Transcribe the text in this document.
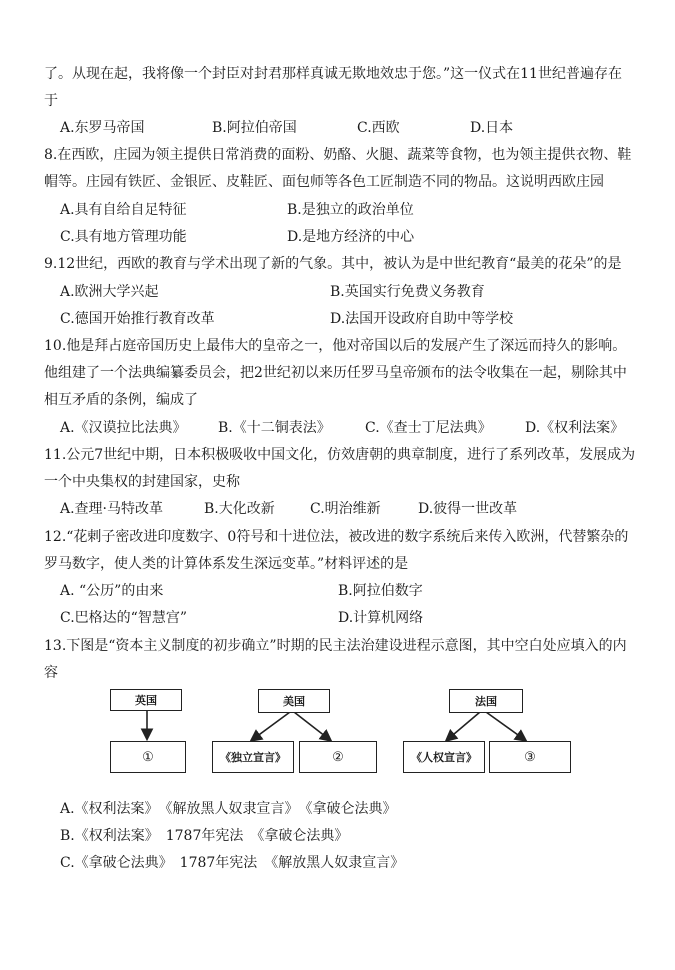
了。从现在起，我将像一个封臣对封君那样真诚无欺地效忠于您。”这一仪式在11世纪普遍存在
于
A.东罗马帝国	B.阿拉伯帝国	C.西欧	D.日本
8.在西欧，庄园为领主提供日常消费的面粉、奶酪、火腿、蔬菜等食物，也为领主提供衣物、鞋
帽等。庄园有铁匠、金银匠、皮鞋匠、面包师等各色工匠制造不同的物品。这说明西欧庄园
A.具有自给自足特征	B.是独立的政治单位
C.具有地方管理功能	D.是地方经济的中心
9.12世纪，西欧的教育与学术出现了新的气象。其中，被认为是中世纪教育“最美的花朵”的是
A.欧洲大学兴起	B.英国实行免费义务教育
C.德国开始推行教育改革	D.法国开设政府自助中等学校
10.他是拜占庭帝国历史上最伟大的皇帝之一，他对帝国以后的发展产生了深远而持久的影响。
他组建了一个法典编纂委员会，把2世纪初以来历任罗马皇帝颁布的法令收集在一起，剔除其中
相互矛盾的条例，编成了
A.《汉谟拉比法典》 B.《十二铜表法》 C.《查士丁尼法典》 D.《权利法案》
11.公元7世纪中期，日本积极吸收中国文化，仿效唐朝的典章制度，进行了系列改革，发展成为
一个中央集权的封建国家，史称
A.查理·马特改革	B.大化改新	C.明治维新	D.彼得一世改革
12.“花剌子密改进印度数字、0符号和十进位法，被改进的数字系统后来传入欧洲，代替繁杂的
罗马数字，使人类的计算体系发生深远变革。”材料评述的是
A. “公历”的由来	B.阿拉伯数字
C.巴格达的“智慧宫”	D.计算机网络
13.下图是“资本主义制度的初步确立”时期的民主法治建设进程示意图，其中空白处应填入的内
容
英国
①
美国
《独立宣言》	②
法国
《人权宣言》	③
A.《权利法案》　《解放黑人奴隶宣言》　《拿破仑法典》
B.《权利法案》　1787年宪法　《拿破仑法典》
C.《拿破仑法典》　1787年宪法　《解放黑人奴隶宣言》
